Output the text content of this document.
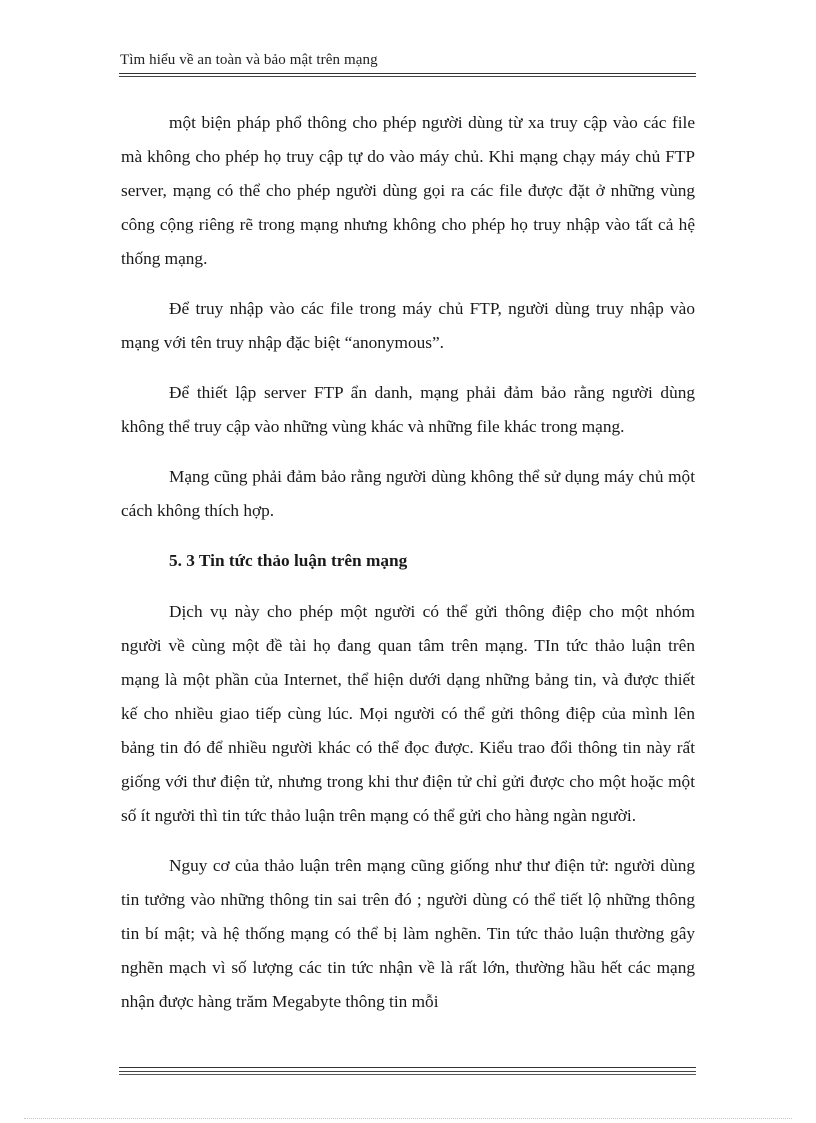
Tìm hiểu về an toàn và bảo mật trên mạng

một biện pháp phổ thông cho phép người dùng từ xa truy cập vào các file mà không cho phép họ truy cập tự do vào máy chủ. Khi mạng chạy máy chủ FTP server, mạng có thể cho phép người dùng gọi ra các file được đặt ở những vùng công cộng riêng rẽ trong mạng nhưng không cho phép họ truy nhập vào tất cả hệ thống mạng.

Để truy nhập vào các file trong máy chủ FTP, người dùng truy nhập vào mạng với tên truy nhập đặc biệt “anonymous”.

Để thiết lập server FTP ẩn danh, mạng phải đảm bảo rằng người dùng không thể truy cập vào những vùng khác và những file khác trong mạng.

Mạng cũng phải đảm bảo rằng người dùng không thể sử dụng máy chủ một cách không thích hợp.

5. 3 Tin tức thảo luận trên mạng

Dịch vụ này cho phép một người có thể gửi thông điệp cho một nhóm người về cùng một đề tài họ đang quan tâm trên mạng. TIn tức thảo luận trên mạng là một phần của Internet, thể hiện dưới dạng những bảng tin, và được thiết kế cho nhiều giao tiếp cùng lúc. Mọi người có thể gửi thông điệp của mình lên bảng tin đó để nhiều người khác có thể đọc được. Kiểu trao đổi thông tin này rất giống với thư điện tử, nhưng trong khi thư điện tử chỉ gửi được cho một hoặc một số ít người thì tin tức thảo luận trên mạng có thể gửi cho hàng ngàn người.

Nguy cơ của thảo luận trên mạng cũng giống như thư điện tử: người dùng tin tưởng vào những thông tin sai trên đó ; người dùng có thể tiết lộ những thông tin bí mật; và hệ thống mạng có thể bị làm nghẽn. Tin tức thảo luận thường gây nghẽn mạch vì số lượng các tin tức nhận về là rất lớn, thường hầu hết các mạng nhận được hàng trăm Megabyte thông tin mỗi
